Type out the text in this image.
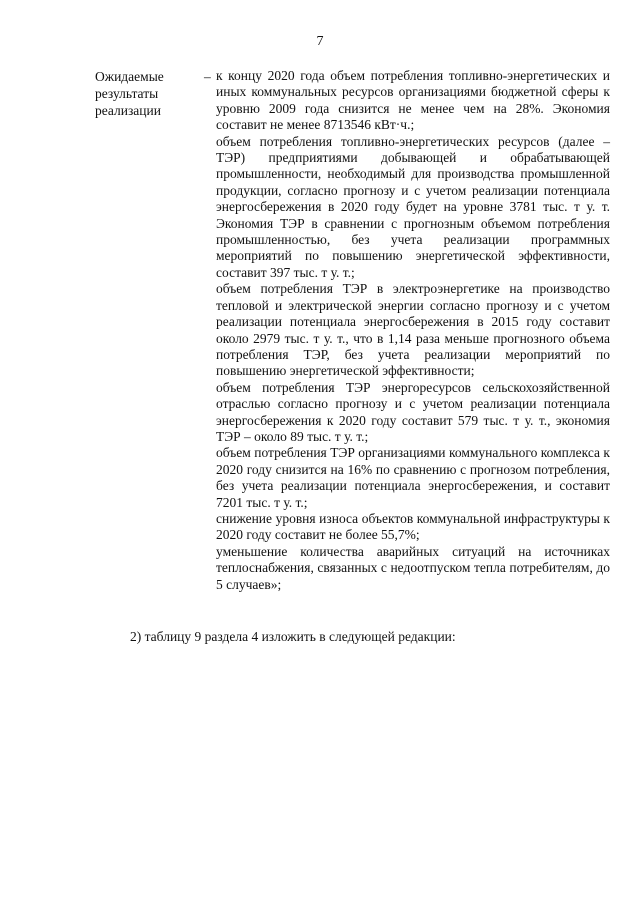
7
Ожидаемые
результаты
реализации
– к концу 2020 года объем потребления топливно-энергетических и иных коммунальных ресурсов организациями бюджетной сферы к уровню 2009 года снизится не менее чем на 28%. Экономия составит не менее 8713546 кВт·ч.;

объем потребления топливно-энергетических ресурсов (далее – ТЭР) предприятиями добывающей и обрабатывающей промышленности, необходимый для производства промышленной продукции, согласно прогнозу и с учетом реализации потенциала энергосбережения в 2020 году будет на уровне 3781 тыс. т у. т. Экономия ТЭР в сравнении с прогнозным объемом потребления промышленностью, без учета реализации программных мероприятий по повышению энергетической эффективности, составит 397 тыс. т у. т.;

объем потребления ТЭР в электроэнергетике на производство тепловой и электрической энергии согласно прогнозу и с учетом реализации потенциала энергосбережения в 2015 году составит около 2979 тыс. т у. т., что в 1,14 раза меньше прогнозного объема потребления ТЭР, без учета реализации мероприятий по повышению энергетической эффективности;

объем потребления ТЭР энергоресурсов сельскохозяйственной отраслью согласно прогнозу и с учетом реализации потенциала энергосбережения к 2020 году составит 579 тыс. т у. т., экономия ТЭР – около 89 тыс. т у. т.;

объем потребления ТЭР организациями коммунального комплекса к 2020 году снизится на 16% по сравнению с прогнозом потребления, без учета реализации потенциала энергосбережения, и составит 7201 тыс. т у. т.;

снижение уровня износа объектов коммунальной инфраструктуры к 2020 году составит не более 55,7%;

уменьшение количества аварийных ситуаций на источниках теплоснабжения, связанных с недоотпуском тепла потребителям, до 5 случаев»;

2) таблицу 9 раздела 4 изложить в следующей редакции:
